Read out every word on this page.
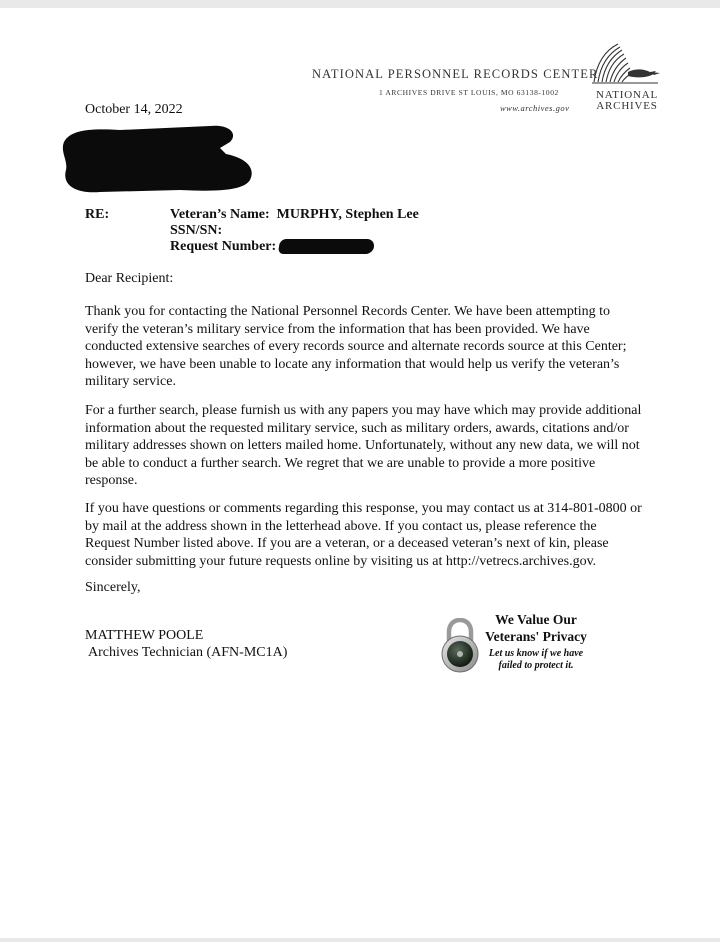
NATIONAL PERSONNEL RECORDS CENTER
1 ARCHIVES DRIVE ST LOUIS, MO 63138-1002
www.archives.gov
NATIONAL
ARCHIVES
October 14, 2022
RE:	Veteran’s Name: MURPHY, Stephen Lee
SSN/SN:
Request Number:
Dear Recipient:
Thank you for contacting the National Personnel Records Center. We have been attempting to verify the veteran’s military service from the information that has been provided. We have conducted extensive searches of every records source and alternate records source at this Center; however, we have been unable to locate any information that would help us verify the veteran’s military service.
For a further search, please furnish us with any papers you may have which may provide additional information about the requested military service, such as military orders, awards, citations and/or military addresses shown on letters mailed home. Unfortunately, without any new data, we will not be able to conduct a further search. We regret that we are unable to provide a more positive response.
If you have questions or comments regarding this response, you may contact us at 314-801-0800 or by mail at the address shown in the letterhead above. If you contact us, please reference the Request Number listed above. If you are a veteran, or a deceased veteran’s next of kin, please consider submitting your future requests online by visiting us at http://vetrecs.archives.gov.
Sincerely,
MATTHEW POOLE
Archives Technician (AFN-MC1A)
We Value Our
Veterans' Privacy
Let us know if we have
failed to protect it.
